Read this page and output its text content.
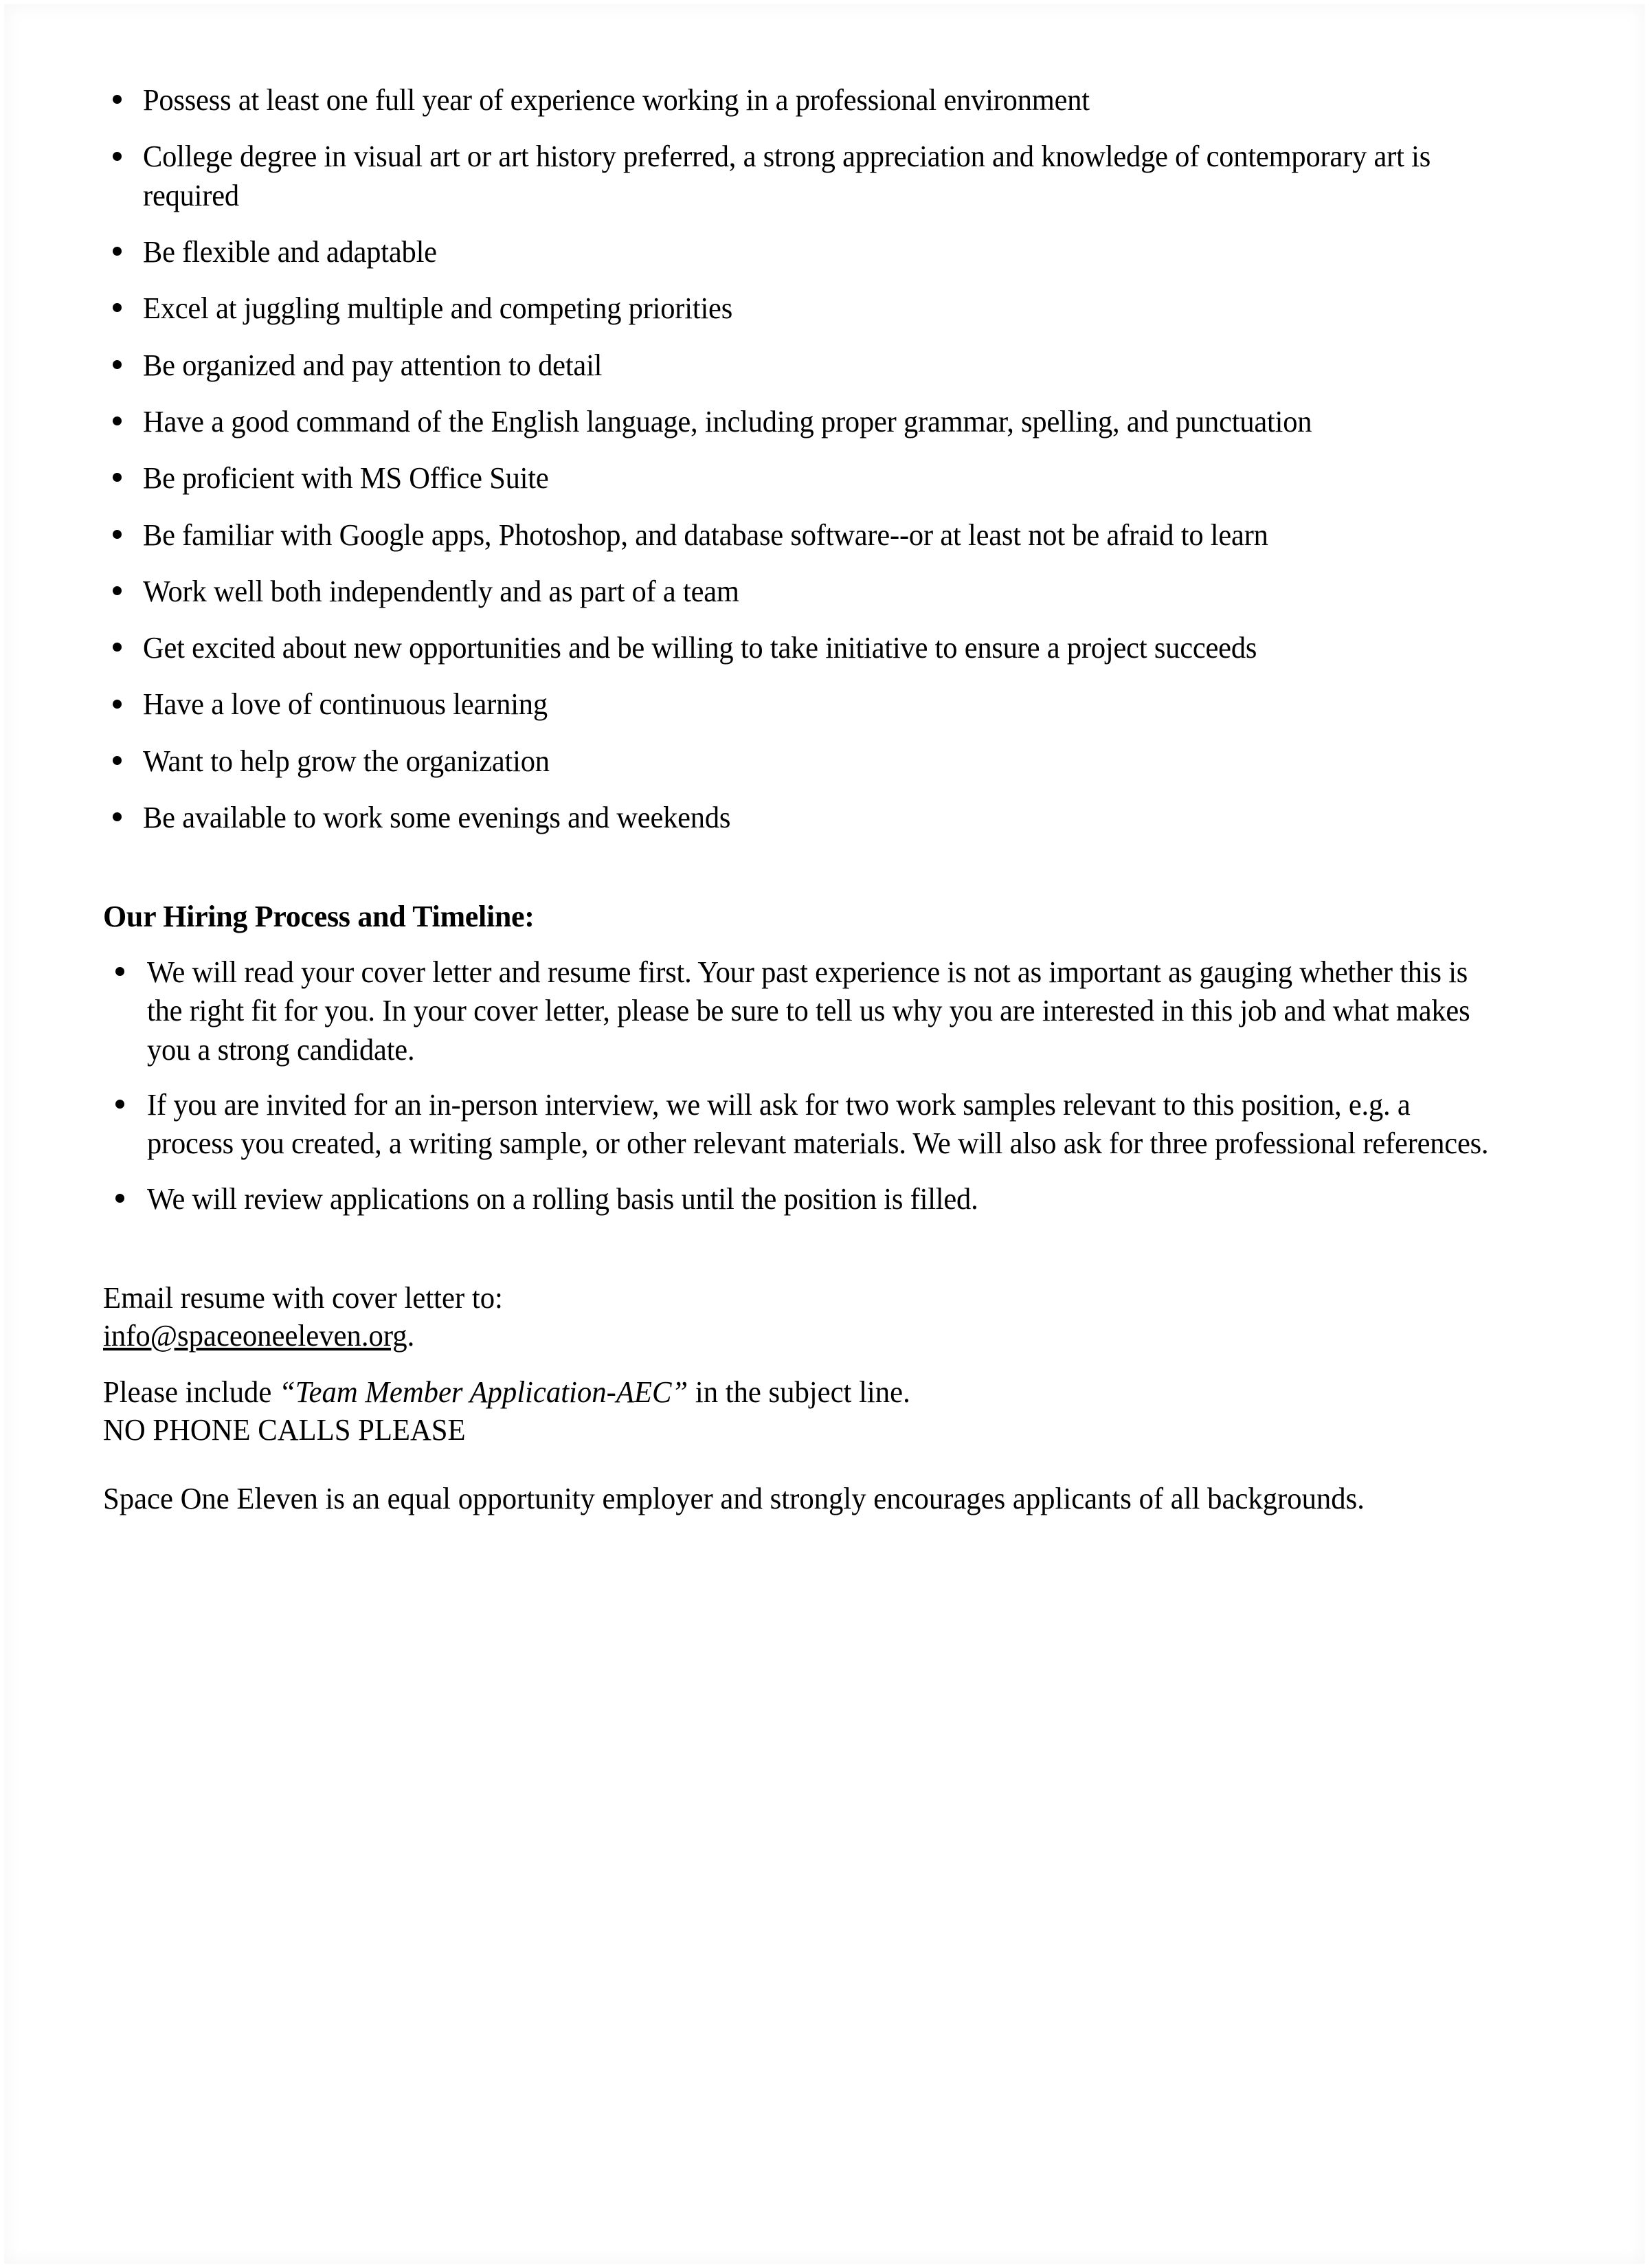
Possess at least one full year of experience working in a professional environment
College degree in visual art or art history preferred, a strong appreciation and knowledge of contemporary art is required
Be flexible and adaptable
Excel at juggling multiple and competing priorities
Be organized and pay attention to detail
Have a good command of the English language, including proper grammar, spelling, and punctuation
Be proficient with MS Office Suite
Be familiar with Google apps, Photoshop, and database software--or at least not be afraid to learn
Work well both independently and as part of a team
Get excited about new opportunities and be willing to take initiative to ensure a project succeeds
Have a love of continuous learning
Want to help grow the organization
Be available to work some evenings and weekends
Our Hiring Process and Timeline:
We will read your cover letter and resume first. Your past experience is not as important as gauging whether this is the right fit for you. In your cover letter, please be sure to tell us why you are interested in this job and what makes you a strong candidate.
If you are invited for an in-person interview, we will ask for two work samples relevant to this position, e.g. a process you created, a writing sample, or other relevant materials. We will also ask for three professional references.
We will review applications on a rolling basis until the position is filled.

Email resume with cover letter to:
info@spaceoneeleven.org.

Please include “Team Member Application-AEC” in the subject line.
NO PHONE CALLS PLEASE

Space One Eleven is an equal opportunity employer and strongly encourages applicants of all backgrounds.
